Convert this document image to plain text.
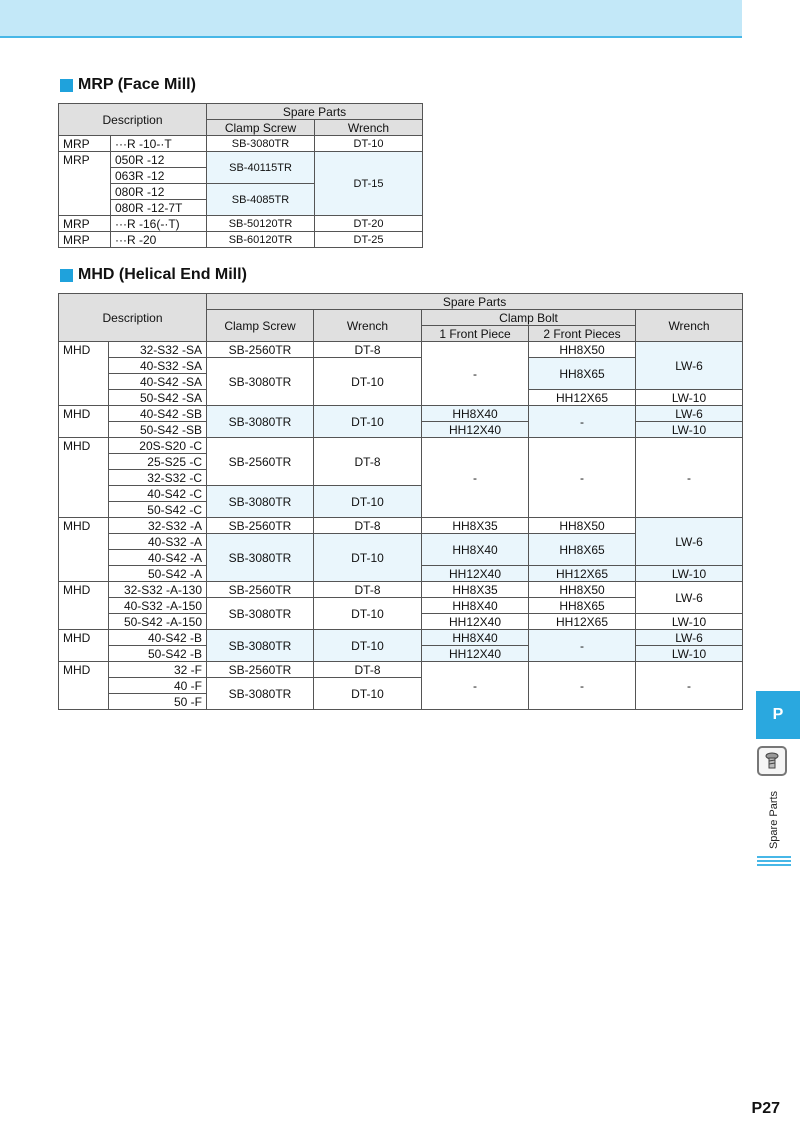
MRP (Face Mill)
Description		Spare Parts	
		Clamp Screw	Wrench
MRP	···R -10-·T	SB-3080TR	DT-10
MRP	050R -12	SB-40115TR	DT-15
	063R -12		
	080R -12	SB-4085TR	
	080R -12-7T		
MRP	···R -16(-·T)	SB-50120TR	DT-20
MRP	···R -20	SB-60120TR	DT-25
MHD (Helical End Mill)
Description		Spare Parts				
		Clamp Screw	Wrench	Clamp Bolt		Wrench
				1 Front Piece	2 Front Pieces	
MHD	32-S32 -SA	SB-2560TR	DT-8	-	HH8X50	LW-6
	40-S32 -SA	SB-3080TR	DT-10		HH8X65	
	40-S42 -SA					
	50-S42 -SA				HH12X65	LW-10
MHD	40-S42 -SB	SB-3080TR	DT-10	HH8X40	-	LW-6
	50-S42 -SB			HH12X40		LW-10
MHD	20S-S20 -C	SB-2560TR	DT-8	-	-	-
	25-S25 -C					
	32-S32 -C					
	40-S42 -C	SB-3080TR	DT-10			
	50-S42 -C					
MHD	32-S32 -A	SB-2560TR	DT-8	HH8X35	HH8X50	LW-6
	40-S32 -A	SB-3080TR	DT-10	HH8X40	HH8X65	
	40-S42 -A					
	50-S42 -A			HH12X40	HH12X65	LW-10
MHD	32-S32 -A-130	SB-2560TR	DT-8	HH8X35	HH8X50	LW-6
	40-S32 -A-150	SB-3080TR	DT-10	HH8X40	HH8X65	
	50-S42 -A-150			HH12X40	HH12X65	LW-10
MHD	40-S42 -B	SB-3080TR	DT-10	HH8X40	-	LW-6
	50-S42 -B			HH12X40		LW-10
MHD	32 -F	SB-2560TR	DT-8	-	-	-
	40 -F	SB-3080TR	DT-10			
	50 -F					
P
Spare Parts
P27
